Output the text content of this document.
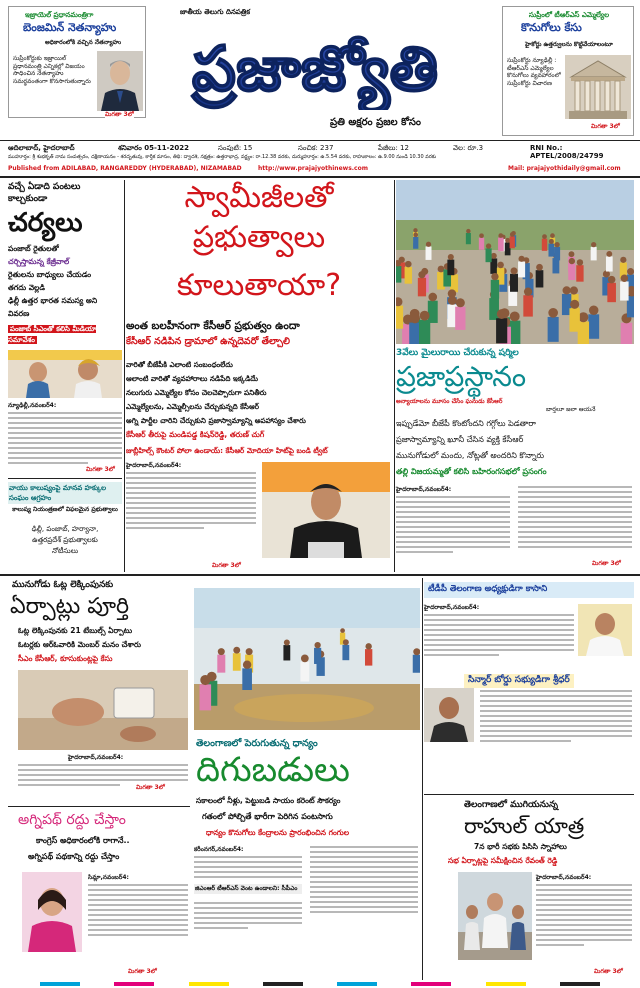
ఇజ్రాయెల్ ప్రధానమంత్రిగా
బెంజమిన్ నెతన్యాహు
అధికారంలోకి వచ్చిన నేతన్యాహు
సుప్రీంకోర్టుకు ఇజ్రాయిల్ ప్రధానమంత్రి ఎన్నికల్లో విజయం సాధించిన నేతన్యాహు సమర్థవంతంగా కొనసాగుతున్నారు
మిగతా 3లో
జాతీయ తెలుగు దినపత్రిక
ప్రజాజ్యోతి
ప్రతి అక్షరం ప్రజల కోసం
సుప్రీంలో టీఆర్ఎస్ ఎమ్మెల్యేల
కొనుగోలు కేసు
హైకోర్టు ఉత్తర్వులను కొట్టివేయాలంటూ
సుప్రీంకోర్టు న్యూఢిల్లీ : టీఆర్ఎస్ ఎమ్మెల్యేల కొనుగోలు వ్యవహారంలో సుప్రీంకోర్టు విచారణ
మిగతా 3లో
ఆదిలాబాద్, హైదరాబాద్	శనివారం 05-11-2022	సంపుటి: 15	సంచిక: 237	పేజీలు: 12	వెల: రూ.3	RNI No.: APTEL/2008/24799
ముహూర్తం: శ్రీ శుభకృత్ నామ సంవత్సరం, దక్షిణాయనం - శరదృతువు, కార్తీక మాసం, తిథి: ద్వాదశి, నక్షత్రం: ఉత్తరాభాద్ర, వర్జ్యం: రా.12.38 వరకు, దుర్ముహూర్తం: ఉ.5.54 వరకు, రాహుకాలం: ఉ.9.00 నుండి 10.30 వరకు
Published from ADILABAD, RANGAREDDY (HYDERABAD), NIZAMABAD	http://www.prajajyothinews.com	Mail: prajajyothidaily@gmail.com
వచ్చే ఏడాది పంటలు కాల్చకుండా
చర్యలు
పంజాబ్ రైతులతో
చర్చిస్తామన్న కేజ్రీవాల్
రైతులను బాధ్యులు చేయడం
తగదు వెల్లడి
ఢిల్లీ ఉత్తర భారత సమస్య అని
వివరణ
పంజాబ్ సీఎంతో కలిసి మీడియా సమావేశం
న్యూఢిల్లీ,నవంబర్4:
మిగతా 3లో
వాయు కాలుష్యంపై మానవ హక్కుల సంఘం ఆగ్రహం
కాలుష్య నియంత్రణలో విఫలమైన ప్రభుత్వాలు
ఢిల్లీ, పంజాబ్, హర్యానా,
ఉత్తరప్రదేశ్ ప్రభుత్వాలకు
నోటీసులు
స్వామీజీలతో
ప్రభుత్వాలు
కూలుతాయా?
అంత బలహీనంగా కేసీఆర్ ప్రభుత్వం ఉందా
కేసీఆర్ నడిపిన డ్రామాలో ఉన్నదెవరో తేల్చాలి
వారితో బీజేపీకి ఎలాంటి సంబంధంలేదు
ఆలాంటి వారితో వ్యవహారాలు నడిపేది ఇక్కడిదేు
నలుగురు ఎమ్మెల్యేల కోసం చెలచెప్పొరుగా పనితీరు
ఎమ్మెల్యేలను, ఎమ్మెల్సీలను చేర్చుకున్నది కేసీఆర్
అగ్ని పార్టీల చారిని చేర్చుకుని ప్రజాస్వామ్యాన్ని అపహాస్యం చేశారు
కేసీఆర్ తీరుపై మండిపడ్డ కిషన్‌రెడ్డి, తరుణ్ చుగ్
జుబ్లీహిల్స్ కౌంటర్ పోలా ఉండాయ్: కేసీఆర్ మోదియా హిట్‌పై బండి ట్వీట్
హైదరాబాద్,నవంబర్4:
మిగతా 3లో
3వేలు మైలురాయి చేరుకున్న షర్మిల
ప్రజాప్రస్థానం
అన్యాయాలను మూసం చేసేం ఘనుడు కేసీఆర్
బార్తలూ జలా ఆయనే
ఇప్పుడేమో బీజేపీ కొంటోందని గగ్గోలు పెడతారా
ప్రజాస్వామ్యాన్ని ఖూనీ చేసిన వ్యక్తి కేసీఆర్
మునుగోడులో మందు, నోట్లతో అందరిని కొన్నారు
తల్లి విజయమ్మతో కలిసి బహిరంగసభలో ప్రసంగం
హైదరాబాద్,నవంబర్4:
మిగతా 3లో
మునుగోడు ఓట్ల లెక్కింపునకు
ఏర్పాట్లు పూర్తి
ఓట్ల లెక్కింపునకు 21 టేబుల్స్ ఏర్పాటు
ఓటర్లకు ఆర్ఓవారికి మెంబర్ మనం చేశారు
సీఎం కేసీఆర్, కూసుకుంట్లపై కేసు
హైదరాబాద్,నవంబర్4:
మిగతా 3లో
తెలంగాణలో పెరుగుతున్న ధాన్యం
దిగుబడులు
సకాలంలో నీళ్లు, పెట్టుబడి సాయం కరెంట్ సౌకర్యం
గతంలో పోల్చితే భారీగా పెరిగిన పంటసాగు
ధాన్యం కొనుగోలు కేంద్రాలను ప్రారంభించిన గంగుల
కరీంనగర్,నవంబర్4:
జిఎంఆర్ టీఆర్ఎస్ వెంట ఉండాలని: సీపీఎం
టీడీపీ తెలంగాణ అధ్యక్షుడిగా కాసాని
హైదరాబాద్,నవంబర్4:
సిన్మార్ బోర్డు సభ్యుడిగా శ్రీధర్
తెలంగాణలో ముగియనున్న
రాహుల్ యాత్ర
7న భారీ సభకు పిసిసి స్నాహాలు
సభ ఏర్పాట్లపై సమీక్షించిన రేవంత్ రెడ్డి
హైదరాబాద్,నవంబర్4:
మిగతా 3లో
అగ్నిపథ్ రద్దు చేస్తాం
కాంగ్రెస్ అధికారంలోకి రాగానే..
అగ్నిపథ్ పథకాన్ని రద్దు చేస్తాం
సిమ్లా,నవంబర్4:
మిగతా 3లో
